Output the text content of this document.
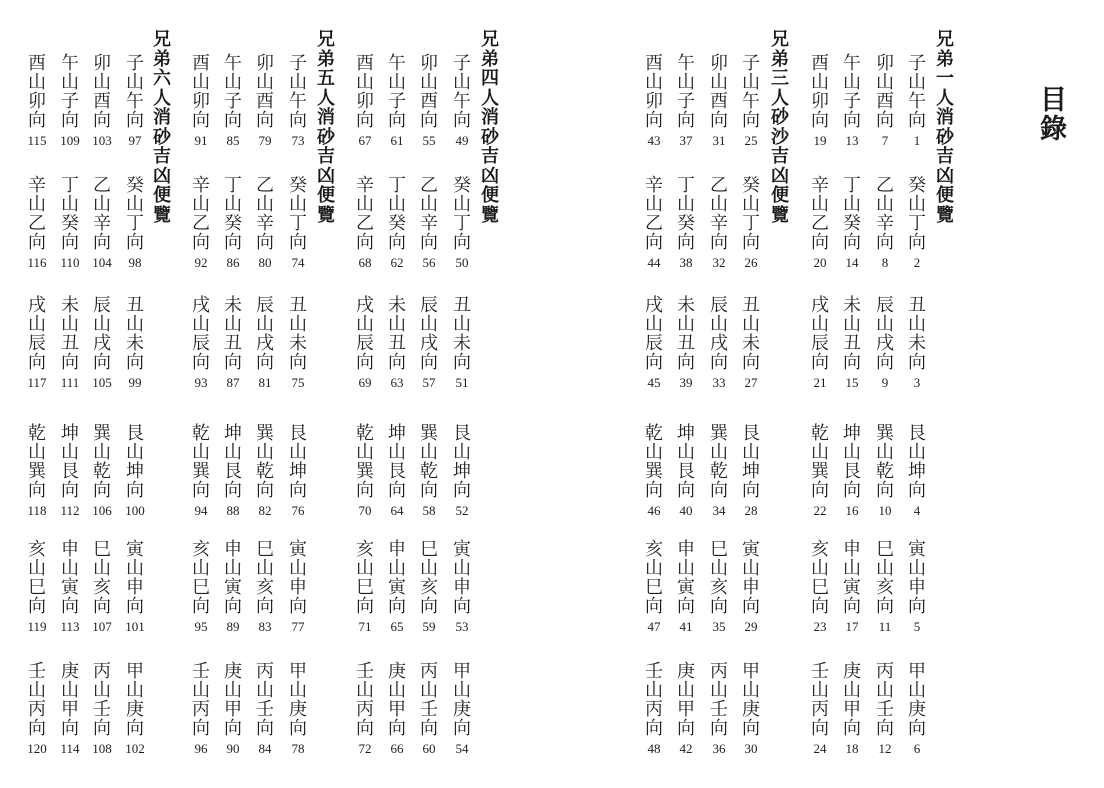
目
錄
兄
弟
一
人
消
砂
吉
凶
便
覽
子
山
午
向
1
癸
山
丁
向
2
卯
山
酉
向
7
乙
山
辛
向
8
午
山
子
向
13
丁
山
癸
向
14
酉
山
卯
向
19
辛
山
乙
向
20
丑
山
未
向
3
艮
山
坤
向
4
寅
山
申
向
5
甲
山
庚
向
6
辰
山
戌
向
9
巽
山
乾
向
10
巳
山
亥
向
11
丙
山
壬
向
12
未
山
丑
向
15
坤
山
艮
向
16
申
山
寅
向
17
庚
山
甲
向
18
戌
山
辰
向
21
乾
山
巽
向
22
亥
山
巳
向
23
壬
山
丙
向
24
兄
弟
三
人
砂
沙
吉
凶
便
覽
子
山
午
向
25
癸
山
丁
向
26
卯
山
酉
向
31
乙
山
辛
向
32
午
山
子
向
37
丁
山
癸
向
38
酉
山
卯
向
43
辛
山
乙
向
44
丑
山
未
向
27
艮
山
坤
向
28
寅
山
申
向
29
甲
山
庚
向
30
辰
山
戌
向
33
巽
山
乾
向
34
巳
山
亥
向
35
丙
山
壬
向
36
未
山
丑
向
39
坤
山
艮
向
40
申
山
寅
向
41
庚
山
甲
向
42
戌
山
辰
向
45
乾
山
巽
向
46
亥
山
巳
向
47
壬
山
丙
向
48
兄
弟
四
人
消
砂
吉
凶
便
覽
子
山
午
向
49
癸
山
丁
向
50
卯
山
酉
向
55
乙
山
辛
向
56
午
山
子
向
61
丁
山
癸
向
62
酉
山
卯
向
67
辛
山
乙
向
68
丑
山
未
向
51
艮
山
坤
向
52
寅
山
申
向
53
甲
山
庚
向
54
辰
山
戌
向
57
巽
山
乾
向
58
巳
山
亥
向
59
丙
山
壬
向
60
未
山
丑
向
63
坤
山
艮
向
64
申
山
寅
向
65
庚
山
甲
向
66
戌
山
辰
向
69
乾
山
巽
向
70
亥
山
巳
向
71
壬
山
丙
向
72
兄
弟
五
人
消
砂
吉
凶
便
覽
子
山
午
向
73
癸
山
丁
向
74
卯
山
酉
向
79
乙
山
辛
向
80
午
山
子
向
85
丁
山
癸
向
86
酉
山
卯
向
91
辛
山
乙
向
92
丑
山
未
向
75
艮
山
坤
向
76
寅
山
申
向
77
甲
山
庚
向
78
辰
山
戌
向
81
巽
山
乾
向
82
巳
山
亥
向
83
丙
山
壬
向
84
未
山
丑
向
87
坤
山
艮
向
88
申
山
寅
向
89
庚
山
甲
向
90
戌
山
辰
向
93
乾
山
巽
向
94
亥
山
巳
向
95
壬
山
丙
向
96
兄
弟
六
人
消
砂
吉
凶
便
覽
子
山
午
向
97
癸
山
丁
向
98
卯
山
酉
向
103
乙
山
辛
向
104
午
山
子
向
109
丁
山
癸
向
110
酉
山
卯
向
115
辛
山
乙
向
116
丑
山
未
向
99
艮
山
坤
向
100
寅
山
申
向
101
甲
山
庚
向
102
辰
山
戌
向
105
巽
山
乾
向
106
巳
山
亥
向
107
丙
山
壬
向
108
未
山
丑
向
111
坤
山
艮
向
112
申
山
寅
向
113
庚
山
甲
向
114
戌
山
辰
向
117
乾
山
巽
向
118
亥
山
巳
向
119
壬
山
丙
向
120
